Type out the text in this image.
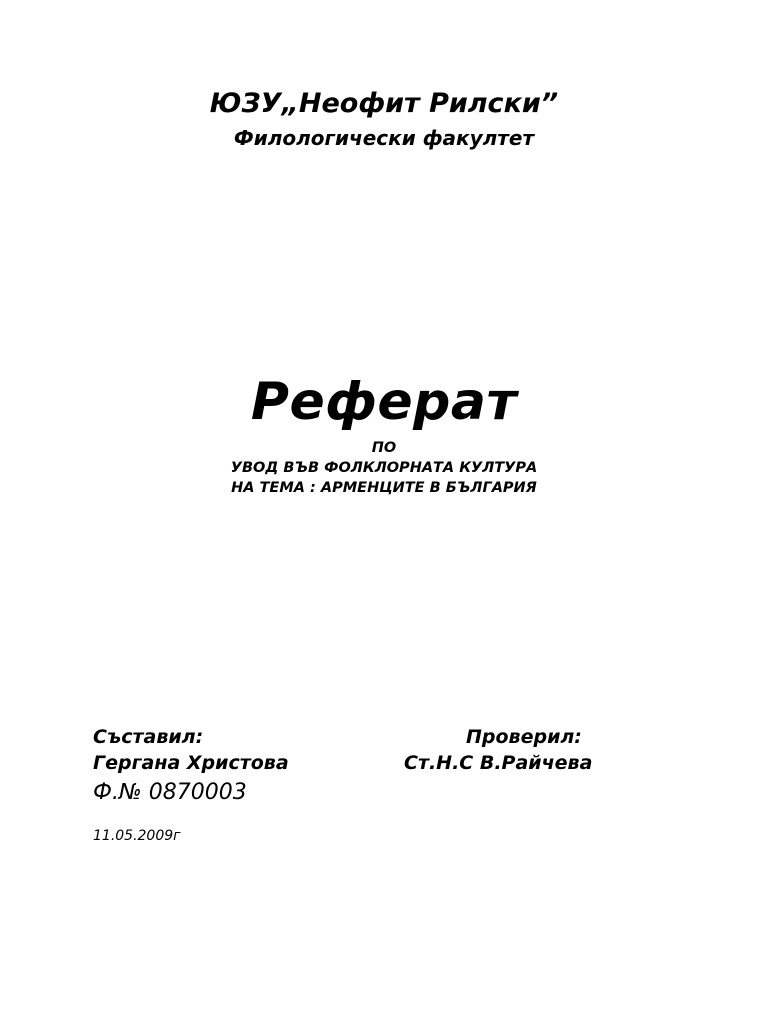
ЮЗУ„Неофит Рилски”
Филологически факултет
Реферат
ПО
УВОД ВЪВ ФОЛКЛОРНАТА КУЛТУРА
НА ТЕМА : АРМЕНЦИТЕ В БЪЛГАРИЯ
Съставил:
Гергана Христова
Ф.№ 0870003
Проверил:
Ст.Н.С В.Райчева
11.05.2009г
